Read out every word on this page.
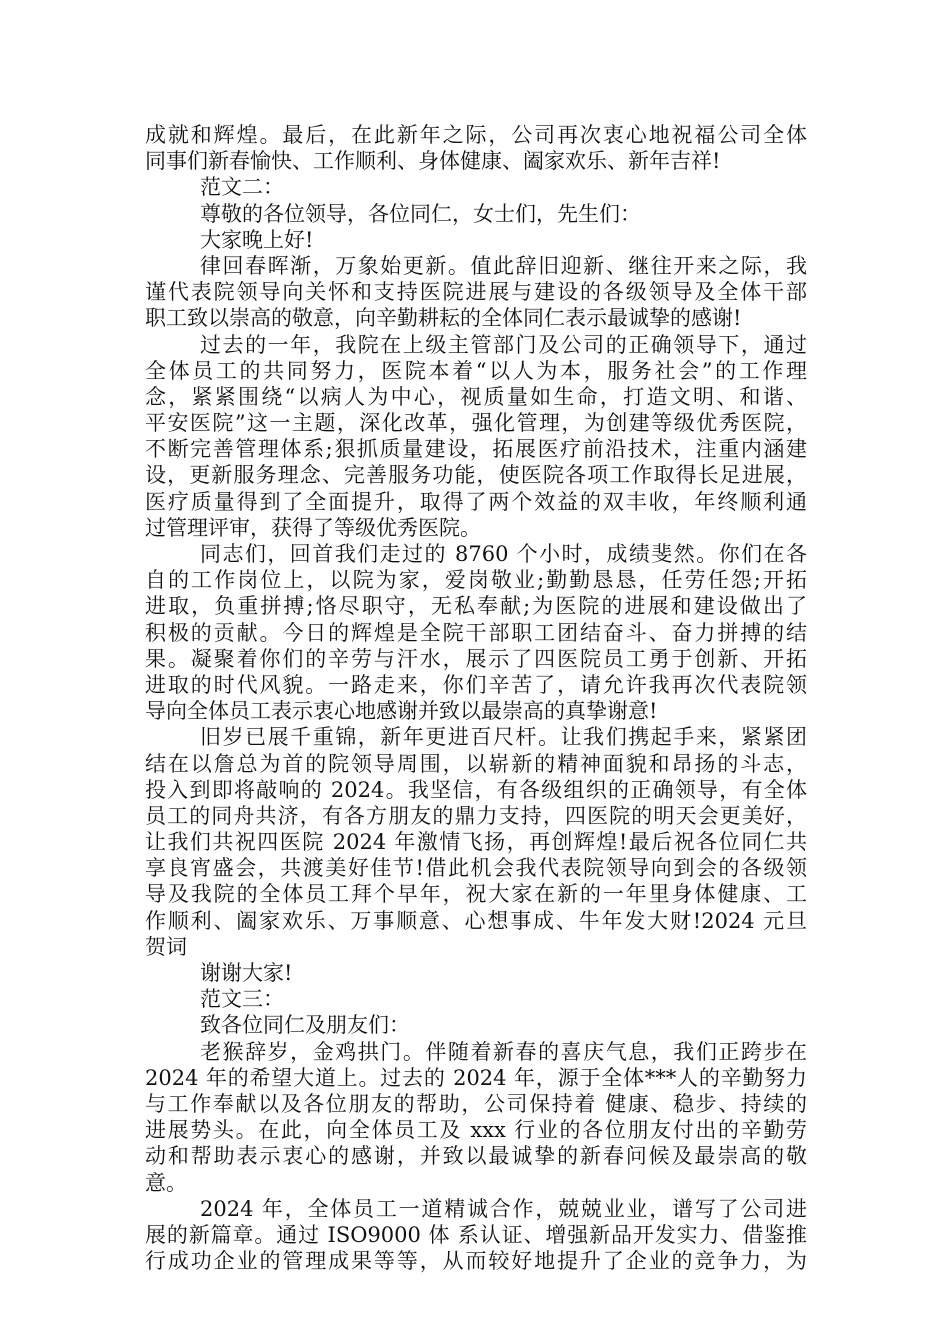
成就和辉煌。最后，在此新年之际，公司再次衷心地祝福公司全体
同事们新春愉快、工作顺利、身体健康、阖家欢乐、新年吉祥!
范文二：
尊敬的各位领导，各位同仁，女士们，先生们：
大家晚上好!
律回春晖渐，万象始更新。值此辞旧迎新、继往开来之际，我
谨代表院领导向关怀和支持医院进展与建设的各级领导及全体干部
职工致以崇高的敬意，向辛勤耕耘的全体同仁表示最诚挚的感谢!
过去的一年，我院在上级主管部门及公司的正确领导下，通过
全体员工的共同努力，医院本着“以人为本，服务社会”的工作理
念，紧紧围绕“以病人为中心，视质量如生命，打造文明、和谐、
平安医院”这一主题，深化改革，强化管理，为创建等级优秀医院，
不断完善管理体系;狠抓质量建设，拓展医疗前沿技术，注重内涵建
设，更新服务理念、完善服务功能，使医院各项工作取得长足进展，
医疗质量得到了全面提升，取得了两个效益的双丰收，年终顺利通
过管理评审，获得了等级优秀医院。
同志们，回首我们走过的 8760 个小时，成绩斐然。你们在各
自的工作岗位上，以院为家，爱岗敬业;勤勤恳恳，任劳任怨;开拓
进取，负重拼搏;恪尽职守，无私奉献;为医院的进展和建设做出了
积极的贡献。今日的辉煌是全院干部职工团结奋斗、奋力拼搏的结
果。凝聚着你们的辛劳与汗水，展示了四医院员工勇于创新、开拓
进取的时代风貌。一路走来，你们辛苦了，请允许我再次代表院领
导向全体员工表示衷心地感谢并致以最崇高的真挚谢意!
旧岁已展千重锦，新年更进百尺杆。让我们携起手来，紧紧团
结在以詹总为首的院领导周围，以崭新的精神面貌和昂扬的斗志，
投入到即将敲响的 2024。我坚信，有各级组织的正确领导，有全体
员工的同舟共济，有各方朋友的鼎力支持，四医院的明天会更美好，
让我们共祝四医院 2024 年激情飞扬，再创辉煌!最后祝各位同仁共
享良宵盛会，共渡美好佳节!借此机会我代表院领导向到会的各级领
导及我院的全体员工拜个早年，祝大家在新的一年里身体健康、工
作顺利、阖家欢乐、万事顺意、心想事成、牛年发大财!2024 元旦
贺词
谢谢大家!
范文三：
致各位同仁及朋友们：
老猴辞岁，金鸡拱门。伴随着新春的喜庆气息，我们正跨步在
2024 年的希望大道上。过去的 2024 年，源于全体***人的辛勤努力
与工作奉献以及各位朋友的帮助，公司保持着 健康、稳步、持续的
进展势头。在此，向全体员工及 xxx 行业的各位朋友付出的辛勤劳
动和帮助表示衷心的感谢，并致以最诚挚的新春问候及最崇高的敬
意。
2024 年，全体员工一道精诚合作，兢兢业业，谱写了公司进
展的新篇章。通过 ISO9000 体 系认证、增强新品开发实力、借鉴推
行成功企业的管理成果等等，从而较好地提升了企业的竞争力，为
